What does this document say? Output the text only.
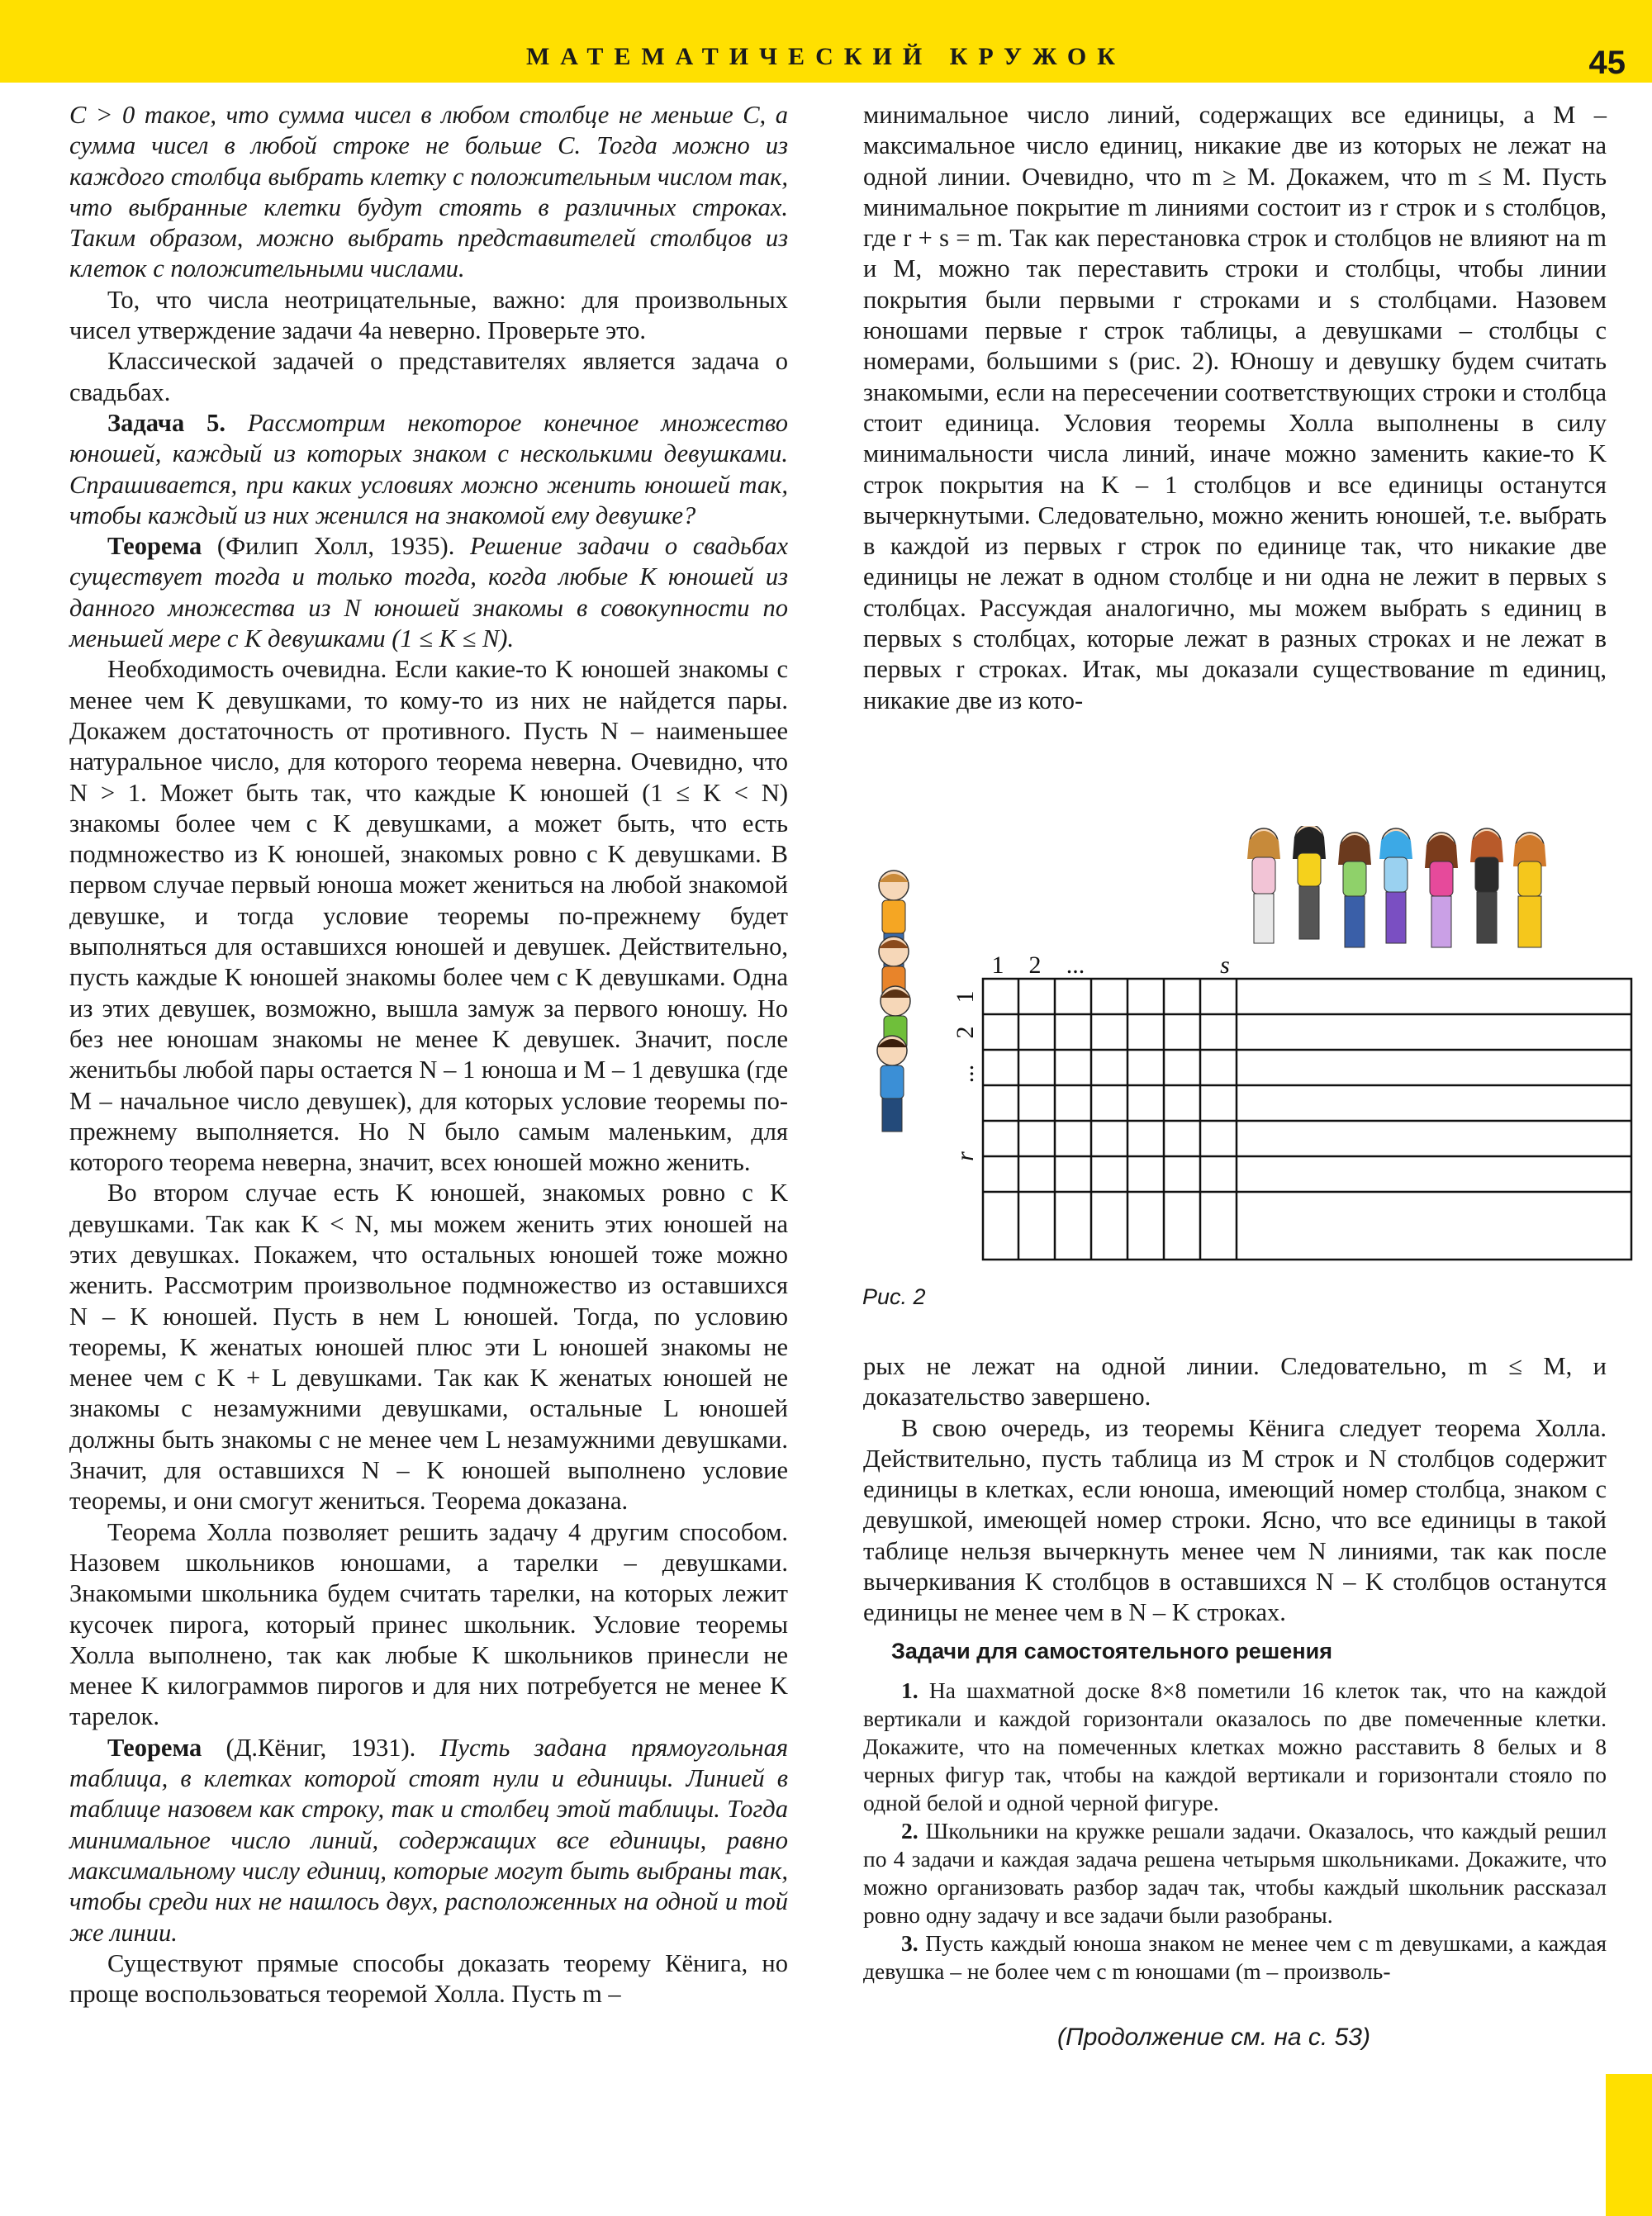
МАТЕМАТИЧЕСКИЙ КРУЖОК	45

C > 0 такое, что сумма чисел в любом столбце не меньше C, а сумма чисел в любой строке не больше C. Тогда можно из каждого столбца выбрать клетку с положительным числом так, что выбранные клетки будут стоять в различных строках. Таким образом, можно выбрать представителей столбцов из клеток с положительными числами.

То, что числа неотрицательные, важно: для произвольных чисел утверждение задачи 4а неверно. Проверьте это.

Классической задачей о представителях является задача о свадьбах.

Задача 5. Рассмотрим некоторое конечное множество юношей, каждый из которых знаком с несколькими девушками. Спрашивается, при каких условиях можно женить юношей так, чтобы каждый из них женился на знакомой ему девушке?

Теорема (Филип Холл, 1935). Решение задачи о свадьбах существует тогда и только тогда, когда любые K юношей из данного множества из N юношей знакомы в совокупности по меньшей мере с K девушками (1 ≤ K ≤ N).

Необходимость очевидна. Если какие-то K юношей знакомы с менее чем K девушками, то кому-то из них не найдется пары. Докажем достаточность от противного. Пусть N – наименьшее натуральное число, для которого теорема неверна. Очевидно, что N > 1. Может быть так, что каждые K юношей (1 ≤ K < N) знакомы более чем с K девушками, а может быть, что есть подмножество из K юношей, знакомых ровно с K девушками. В первом случае первый юноша может жениться на любой знакомой девушке, и тогда условие теоремы по-прежнему будет выполняться для оставшихся юношей и девушек. Действительно, пусть каждые K юношей знакомы более чем с K девушками. Одна из этих девушек, возможно, вышла замуж за первого юношу. Но без нее юношам знакомы не менее K девушек. Значит, после женитьбы любой пары остается N – 1 юноша и M – 1 девушка (где M – начальное число девушек), для которых условие теоремы по-прежнему выполняется. Но N было самым маленьким, для которого теорема неверна, значит, всех юношей можно женить.

Во втором случае есть K юношей, знакомых ровно с K девушками. Так как K < N, мы можем женить этих юношей на этих девушках. Покажем, что остальных юношей тоже можно женить. Рассмотрим произвольное подмножество из оставшихся N – K юношей. Пусть в нем L юношей. Тогда, по условию теоремы, K женатых юношей плюс эти L юношей знакомы не менее чем с K + L девушками. Так как K женатых юношей не знакомы с незамужними девушками, остальные L юношей должны быть знакомы с не менее чем L незамужними девушками. Значит, для оставшихся N – K юношей выполнено условие теоремы, и они смогут жениться. Теорема доказана.

Теорема Холла позволяет решить задачу 4 другим способом. Назовем школьников юношами, а тарелки – девушками. Знакомыми школьника будем считать тарелки, на которых лежит кусочек пирога, который принес школьник. Условие теоремы Холла выполнено, так как любые K школьников принесли не менее K килограммов пирогов и для них потребуется не менее K тарелок.

Теорема (Д.Кёниг, 1931). Пусть задана прямоугольная таблица, в клетках которой стоят нули и единицы. Линией в таблице назовем как строку, так и столбец этой таблицы. Тогда минимальное число линий, содержащих все единицы, равно максимальному числу единиц, которые могут быть выбраны так, чтобы среди них не нашлось двух, расположенных на одной и той же линии.

Существуют прямые способы доказать теорему Кёнига, но проще воспользоваться теоремой Холла. Пусть m –

минимальное число линий, содержащих все единицы, а M – максимальное число единиц, никакие две из которых не лежат на одной линии. Очевидно, что m ≥ M. Докажем, что m ≤ M. Пусть минимальное покрытие m линиями состоит из r строк и s столбцов, где r + s = m. Так как перестановка строк и столбцов не влияют на m и M, можно так переставить строки и столбцы, чтобы линии покрытия были первыми r строками и s столбцами. Назовем юношами первые r строк таблицы, а девушками – столбцы с номерами, большими s (рис. 2). Юношу и девушку будем считать знакомыми, если на пересечении соответствующих строки и столбца стоит единица. Условия теоремы Холла выполнены в силу минимальности числа линий, иначе можно заменить какие-то K строк покрытия на K – 1 столбцов и все единицы останутся вычеркнутыми. Следовательно, можно женить юношей, т.е. выбрать в каждой из первых r строк по единице так, что никакие две единицы не лежат в одном столбце и ни одна не лежит в первых s столбцах. Рассуждая аналогично, мы можем выбрать s единиц в первых s столбцах, которые лежат в разных строках и не лежат в первых r строках. Итак, мы доказали существование m единиц, никакие две из кото-

1 2 ...	s
1
2
...
r
Рис. 2

рых не лежат на одной линии. Следовательно, m ≤ M, и доказательство завершено.

В свою очередь, из теоремы Кёнига следует теорема Холла. Действительно, пусть таблица из M строк и N столбцов содержит единицы в клетках, если юноша, имеющий номер столбца, знаком с девушкой, имеющей номер строки. Ясно, что все единицы в такой таблице нельзя вычеркнуть менее чем N линиями, так как после вычеркивания K столбцов в оставшихся N – K столбцов останутся единицы не менее чем в N – K строках.

Задачи для самостоятельного решения

1. На шахматной доске 8×8 пометили 16 клеток так, что на каждой вертикали и каждой горизонтали оказалось по две помеченные клетки. Докажите, что на помеченных клетках можно расставить 8 белых и 8 черных фигур так, чтобы на каждой вертикали и горизонтали стояло по одной белой и одной черной фигуре.

2. Школьники на кружке решали задачи. Оказалось, что каждый решил по 4 задачи и каждая задача решена четырьмя школьниками. Докажите, что можно организовать разбор задач так, чтобы каждый школьник рассказал ровно одну задачу и все задачи были разобраны.

3. Пусть каждый юноша знаком не менее чем с m девушками, а каждая девушка – не более чем с m юношами (m – произволь-

(Продолжение см. на с. 53)
